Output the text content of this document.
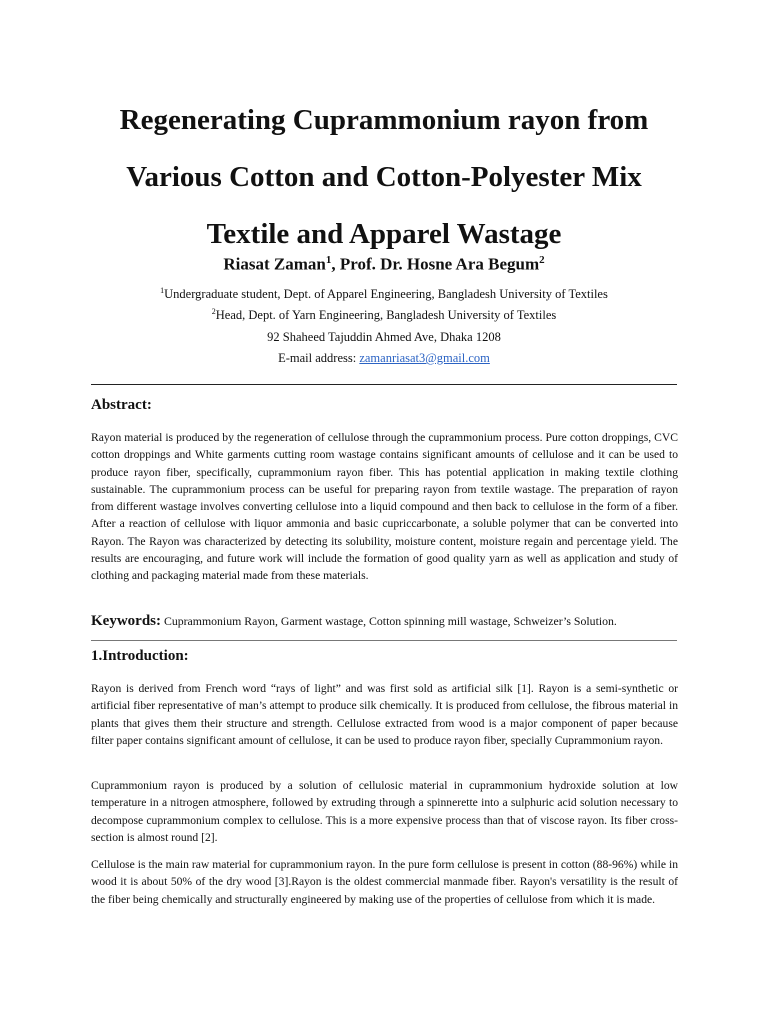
Regenerating Cuprammonium rayon from
Various Cotton and Cotton-Polyester Mix
Textile and Apparel Wastage

Riasat Zaman$^1$, Prof. Dr. Hosne Ara Begum$^2$

$^1$Undergraduate student, Dept. of Apparel Engineering, Bangladesh University of Textiles

$^2$Head, Dept. of Yarn Engineering, Bangladesh University of Textiles

92 Shaheed Tajuddin Ahmed Ave, Dhaka 1208

E-mail address: zamanriasat3@gmail.com

Abstract:

Rayon material is produced by the regeneration of cellulose through the cuprammonium process. Pure cotton droppings, CVC cotton droppings and White garments cutting room wastage contains significant amounts of cellulose and it can be used to produce rayon fiber, specifically, cuprammonium rayon fiber. This has potential application in making textile clothing sustainable. The cuprammonium process can be useful for preparing rayon from textile wastage. The preparation of rayon from different wastage involves converting cellulose into a liquid compound and then back to cellulose in the form of a fiber. After a reaction of cellulose with liquor ammonia and basic cupriccarbonate, a soluble polymer that can be converted into Rayon. The Rayon was characterized by detecting its solubility, moisture content, moisture regain and percentage yield. The results are encouraging, and future work will include the formation of good quality yarn as well as application and study of clothing and packaging material made from these materials.

Keywords: Cuprammonium Rayon, Garment wastage, Cotton spinning mill wastage, Schweizer’s Solution.

1.Introduction:

Rayon is derived from French word “rays of light” and was first sold as artificial silk [1]. Rayon is a semi-synthetic or artificial fiber representative of man’s attempt to produce silk chemically. It is produced from cellulose, the fibrous material in plants that gives them their structure and strength. Cellulose extracted from wood is a major component of paper because filter paper contains significant amount of cellulose, it can be used to produce rayon fiber, specially Cuprammonium rayon.

Cuprammonium rayon is produced by a solution of cellulosic material in cuprammonium hydroxide solution at low temperature in a nitrogen atmosphere, followed by extruding through a spinnerette into a sulphuric acid solution necessary to decompose cuprammonium complex to cellulose. This is a more expensive process than that of viscose rayon. Its fiber cross-section is almost round [2].

Cellulose is the main raw material for cuprammonium rayon. In the pure form cellulose is present in cotton (88-96%) while in wood it is about 50% of the dry wood [3].Rayon is the oldest commercial manmade fiber. Rayon's versatility is the result of the fiber being chemically and structurally engineered by making use of the properties of cellulose from which it is made.
